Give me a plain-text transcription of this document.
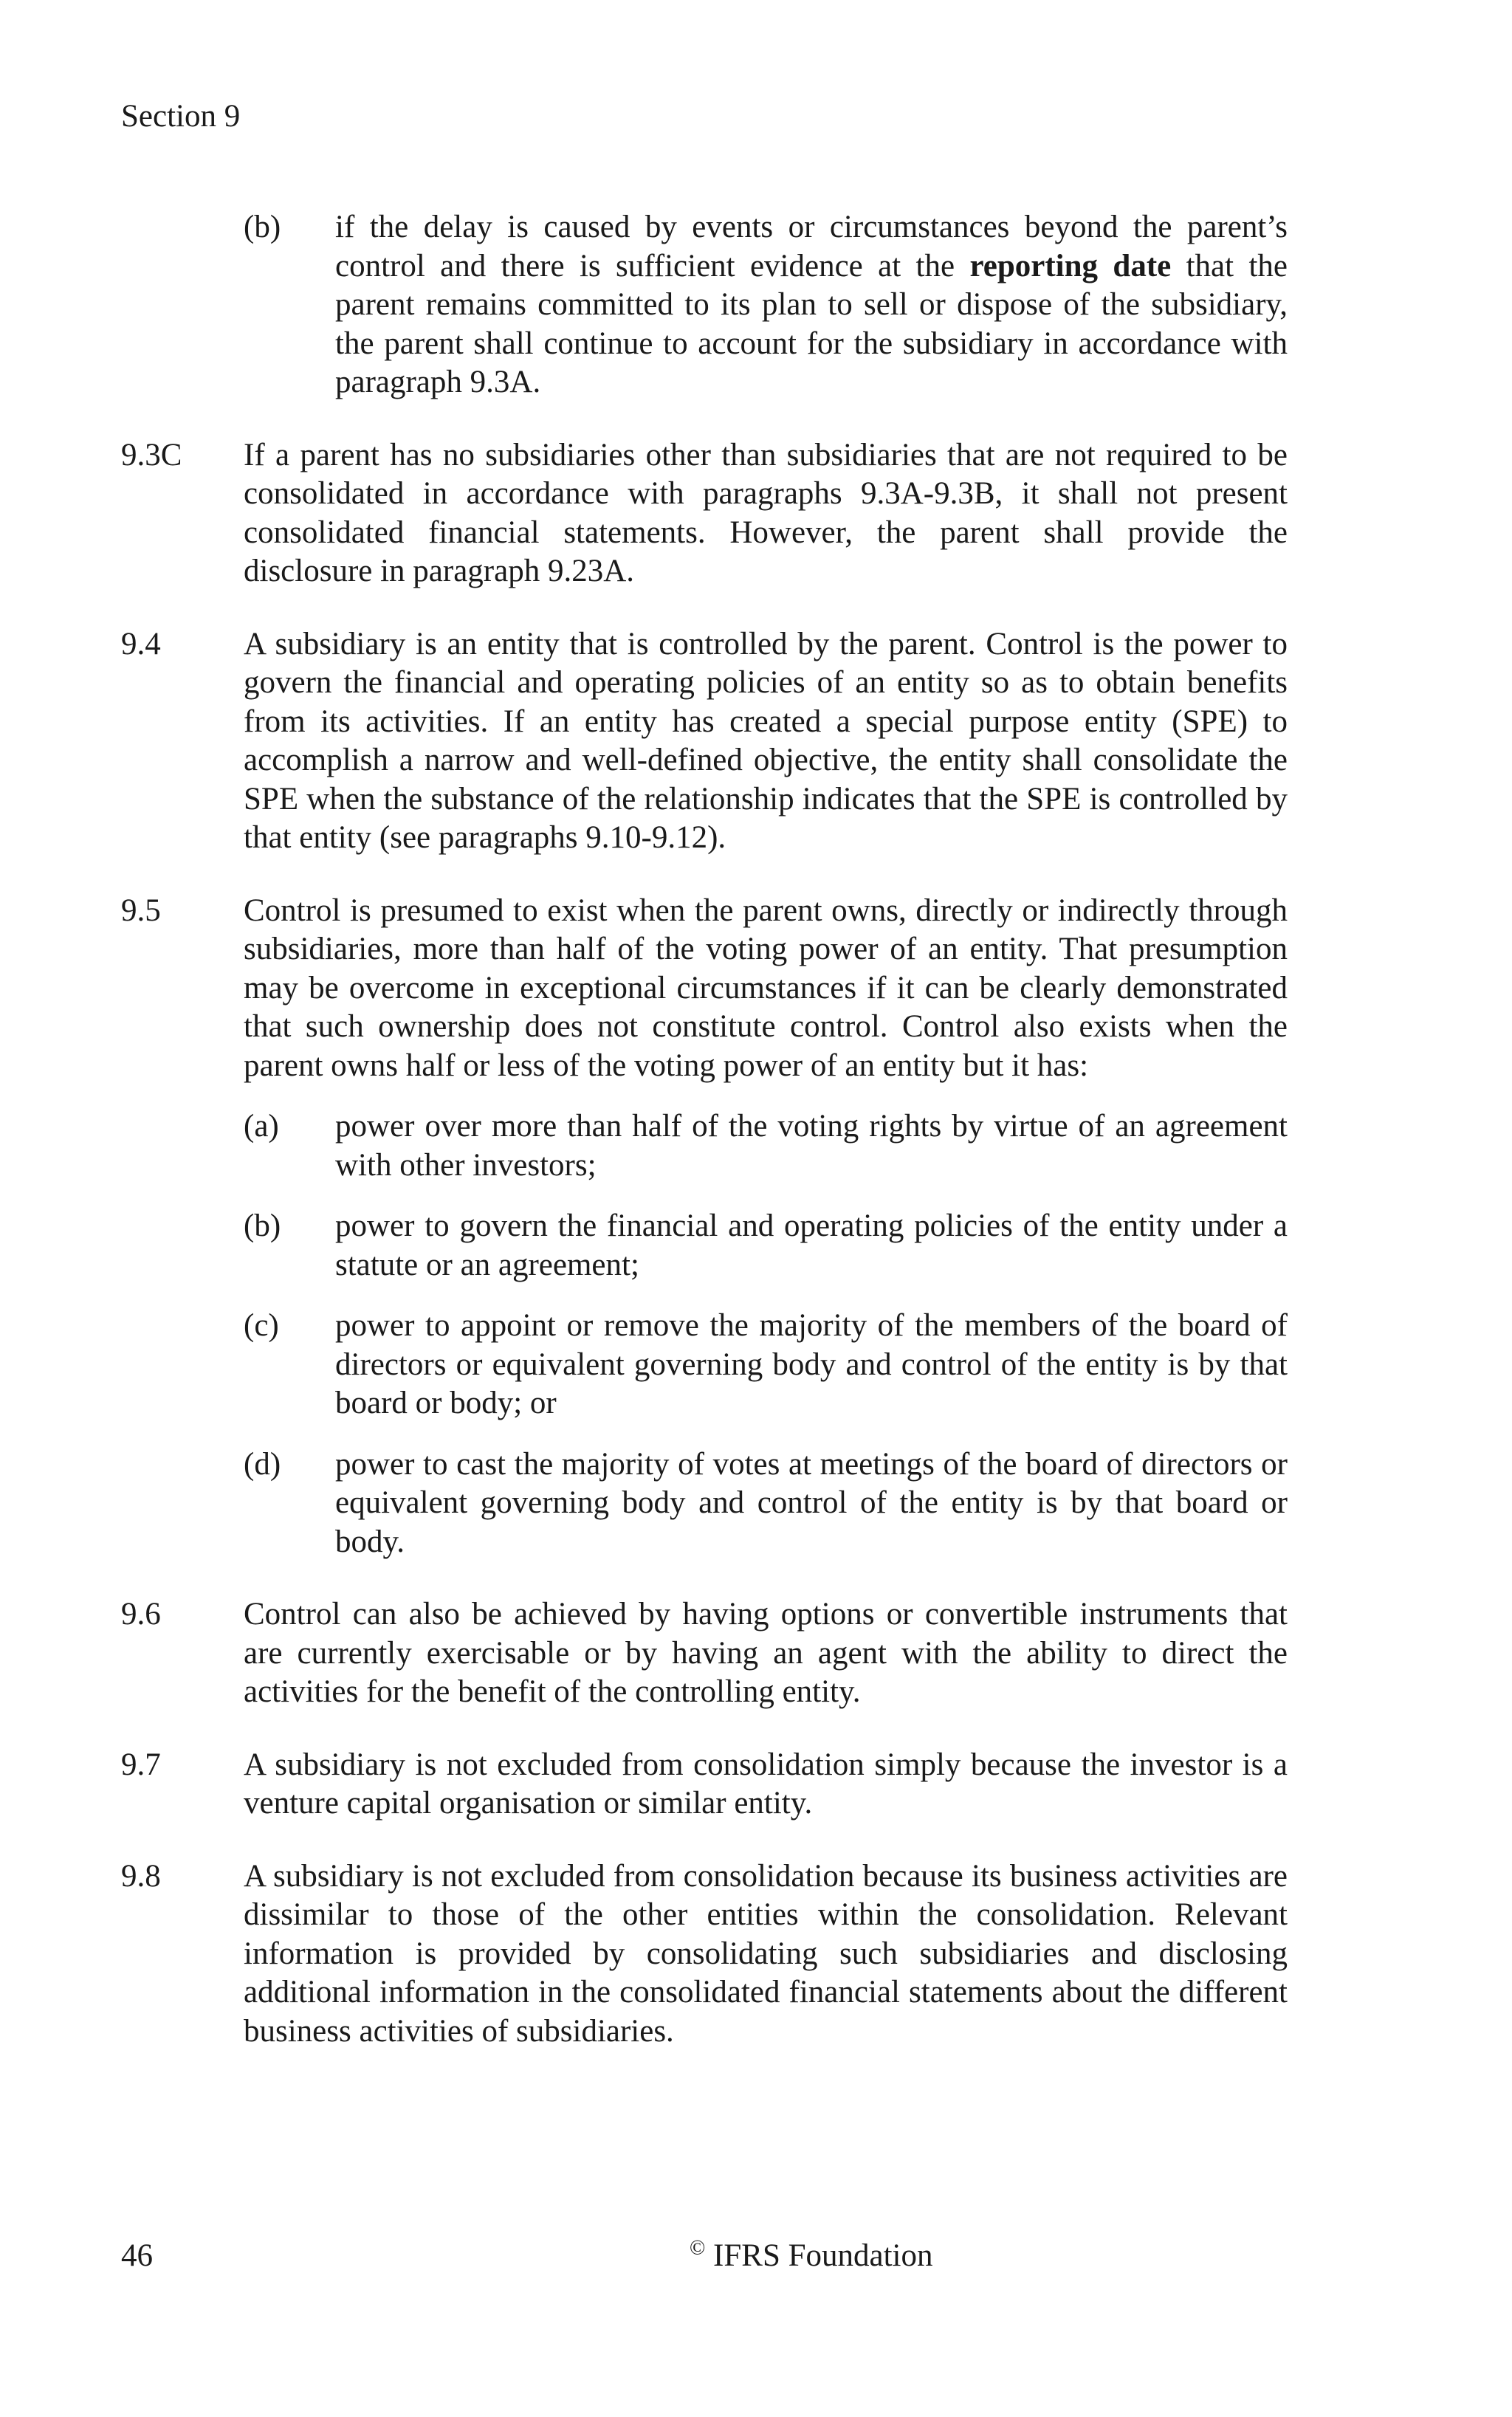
Section 9
(b)	if the delay is caused by events or circumstances beyond the parent’s control and there is sufficient evidence at the reporting date that the parent remains committed to its plan to sell or dispose of the subsidiary, the parent shall continue to account for the subsidiary in accordance with paragraph 9.3A.
9.3C	If a parent has no subsidiaries other than subsidiaries that are not required to be consolidated in accordance with paragraphs 9.3A-9.3B, it shall not present consolidated financial statements. However, the parent shall provide the disclosure in paragraph 9.23A.
9.4	A subsidiary is an entity that is controlled by the parent. Control is the power to govern the financial and operating policies of an entity so as to obtain benefits from its activities. If an entity has created a special purpose entity (SPE) to accomplish a narrow and well-defined objective, the entity shall consolidate the SPE when the substance of the relationship indicates that the SPE is controlled by that entity (see paragraphs 9.10-9.12).
9.5	Control is presumed to exist when the parent owns, directly or indirectly through subsidiaries, more than half of the voting power of an entity. That presumption may be overcome in exceptional circumstances if it can be clearly demonstrated that such ownership does not constitute control. Control also exists when the parent owns half or less of the voting power of an entity but it has:
(a)	power over more than half of the voting rights by virtue of an agreement with other investors;
(b)	power to govern the financial and operating policies of the entity under a statute or an agreement;
(c)	power to appoint or remove the majority of the members of the board of directors or equivalent governing body and control of the entity is by that board or body; or
(d)	power to cast the majority of votes at meetings of the board of directors or equivalent governing body and control of the entity is by that board or body.
9.6	Control can also be achieved by having options or convertible instruments that are currently exercisable or by having an agent with the ability to direct the activities for the benefit of the controlling entity.
9.7	A subsidiary is not excluded from consolidation simply because the investor is a venture capital organisation or similar entity.
9.8	A subsidiary is not excluded from consolidation because its business activities are dissimilar to those of the other entities within the consolidation. Relevant information is provided by consolidating such subsidiaries and disclosing additional information in the consolidated financial statements about the different business activities of subsidiaries.
46	© IFRS Foundation
